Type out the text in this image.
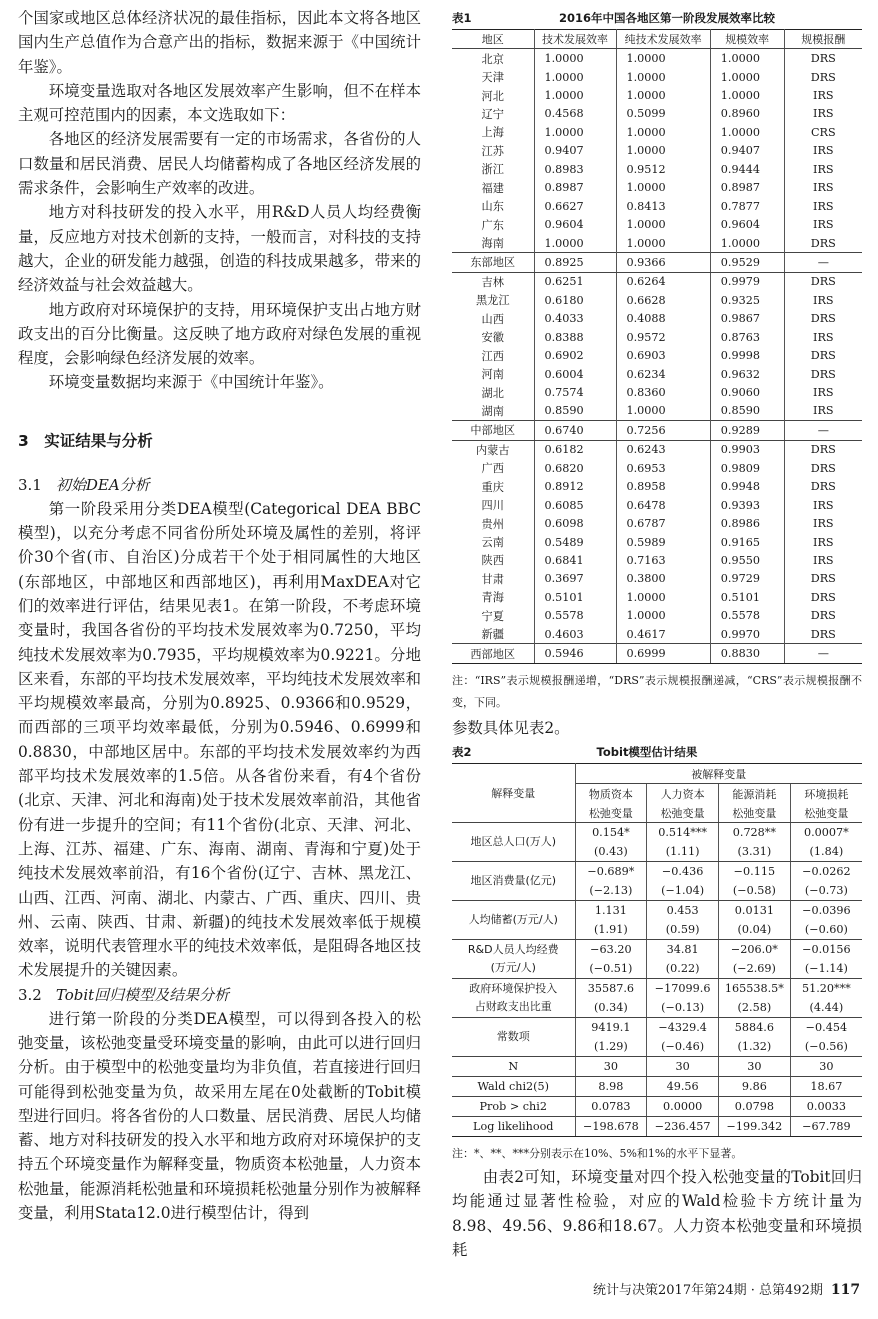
个国家或地区总体经济状况的最佳指标，因此本文将各地区国内生产总值作为合意产出的指标，数据来源于《中国统计年鉴》。

环境变量选取对各地区发展效率产生影响，但不在样本主观可控范围内的因素，本文选取如下：

各地区的经济发展需要有一定的市场需求，各省份的人口数量和居民消费、居民人均储蓄构成了各地区经济发展的需求条件，会影响生产效率的改进。

地方对科技研发的投入水平，用R&D人员人均经费衡量，反应地方对技术创新的支持，一般而言，对科技的支持越大，企业的研发能力越强，创造的科技成果越多，带来的经济效益与社会效益越大。

地方政府对环境保护的支持，用环境保护支出占地方财政支出的百分比衡量。这反映了地方政府对绿色发展的重视程度，会影响绿色经济发展的效率。

环境变量数据均来源于《中国统计年鉴》。

3　实证结果与分析
3.1 初始DEA分析

第一阶段采用分类DEA模型(Categorical DEA BBC模型)，以充分考虑不同省份所处环境及属性的差别，将评价30个省(市、自治区)分成若干个处于相同属性的大地区(东部地区，中部地区和西部地区)，再利用MaxDEA对它们的效率进行评估，结果见表1。在第一阶段，不考虑环境变量时，我国各省份的平均技术发展效率为0.7250，平均纯技术发展效率为0.7935，平均规模效率为0.9221。分地区来看，东部的平均技术发展效率，平均纯技术发展效率和平均规模效率最高，分别为0.8925、0.9366和0.9529，而西部的三项平均效率最低，分别为0.5946、0.6999和0.8830，中部地区居中。东部的平均技术发展效率约为西部平均技术发展效率的1.5倍。从各省份来看，有4个省份(北京、天津、河北和海南)处于技术发展效率前沿，其他省份有进一步提升的空间；有11个省份(北京、天津、河北、上海、江苏、福建、广东、海南、湖南、青海和宁夏)处于纯技术发展效率前沿，有16个省份(辽宁、吉林、黑龙江、山西、江西、河南、湖北、内蒙古、广西、重庆、四川、贵州、云南、陕西、甘肃、新疆)的纯技术发展效率低于规模效率，说明代表管理水平的纯技术效率低，是阻碍各地区技术发展提升的关键因素。

3.2 Tobit回归模型及结果分析

进行第一阶段的分类DEA模型，可以得到各投入的松弛变量，该松弛变量受环境变量的影响，由此可以进行回归分析。由于模型中的松弛变量均为非负值，若直接进行回归可能得到松弛变量为负，故采用左尾在0处截断的Tobit模型进行回归。将各省份的人口数量、居民消费、居民人均储蓄、地方对科技研发的投入水平和地方政府对环境保护的支持五个环境变量作为解释变量，物质资本松弛量，人力资本松弛量，能源消耗松弛量和环境损耗松弛量分别作为被解释变量，利用Stata12.0进行模型估计，得到

表1	2016年中国各地区第一阶段发展效率比较
地区	技术发展效率	纯技术发展效率	规模效率	规模报酬
北京	1.0000	1.0000	1.0000	DRS
天津	1.0000	1.0000	1.0000	DRS
河北	1.0000	1.0000	1.0000	IRS
辽宁	0.4568	0.5099	0.8960	IRS
上海	1.0000	1.0000	1.0000	CRS
江苏	0.9407	1.0000	0.9407	IRS
浙江	0.8983	0.9512	0.9444	IRS
福建	0.8987	1.0000	0.8987	IRS
山东	0.6627	0.8413	0.7877	IRS
广东	0.9604	1.0000	0.9604	IRS
海南	1.0000	1.0000	1.0000	DRS
东部地区	0.8925	0.9366	0.9529	—
吉林	0.6251	0.6264	0.9979	DRS
黑龙江	0.6180	0.6628	0.9325	IRS
山西	0.4033	0.4088	0.9867	DRS
安徽	0.8388	0.9572	0.8763	IRS
江西	0.6902	0.6903	0.9998	DRS
河南	0.6004	0.6234	0.9632	DRS
湖北	0.7574	0.8360	0.9060	IRS
湖南	0.8590	1.0000	0.8590	IRS
中部地区	0.6740	0.7256	0.9289	—
内蒙古	0.6182	0.6243	0.9903	DRS
广西	0.6820	0.6953	0.9809	DRS
重庆	0.8912	0.8958	0.9948	DRS
四川	0.6085	0.6478	0.9393	IRS
贵州	0.6098	0.6787	0.8986	IRS
云南	0.5489	0.5989	0.9165	IRS
陕西	0.6841	0.7163	0.9550	IRS
甘肃	0.3697	0.3800	0.9729	DRS
青海	0.5101	1.0000	0.5101	DRS
宁夏	0.5578	1.0000	0.5578	DRS
新疆	0.4603	0.4617	0.9970	DRS
西部地区	0.5946	0.6999	0.8830	—

注：“IRS”表示规模报酬递增，“DRS”表示规模报酬递减，“CRS”表示规模报酬不变，下同。

参数具体见表2。

表2	Tobit模型估计结果
解释变量	被解释变量			
	物质资本	人力资本	能源消耗	环境损耗
	松弛变量	松弛变量	松弛变量	松弛变量
地区总人口(万人)	0.154*	0.514***	0.728**	0.0007*
	(0.43)	(1.11)	(3.31)	(1.84)
地区消费量(亿元)	−0.689*	−0.436	−0.115	−0.0262
	(−2.13)	(−1.04)	(−0.58)	(−0.73)
人均储蓄(万元/人)	1.131	0.453	0.0131	−0.0396
	(1.91)	(0.59)	(0.04)	(−0.60)
R&D人员人均经费
(万元/人)	−63.20	34.81	−206.0*	−0.0156
	(−0.51)	(0.22)	(−2.69)	(−1.14)
政府环境保护投入
占财政支出比重	35587.6	−17099.6	165538.5*	51.20***
	(0.34)	(−0.13)	(2.58)	(4.44)
常数项	9419.1	−4329.4	5884.6	−0.454
	(1.29)	(−0.46)	(1.32)	(−0.56)
N	30	30	30	30
Wald chi2(5)	8.98	49.56	9.86	18.67
Prob > chi2	0.0783	0.0000	0.0798	0.0033
Log likelihood	−198.678	−236.457	−199.342	−67.789

注：*、**、***分别表示在10%、5%和1%的水平下显著。

由表2可知，环境变量对四个投入松弛变量的Tobit回归均能通过显著性检验，对应的Wald检验卡方统计量为8.98、49.56、9.86和18.67。人力资本松弛变量和环境损耗

统计与决策2017年第24期 · 总第492期 117
